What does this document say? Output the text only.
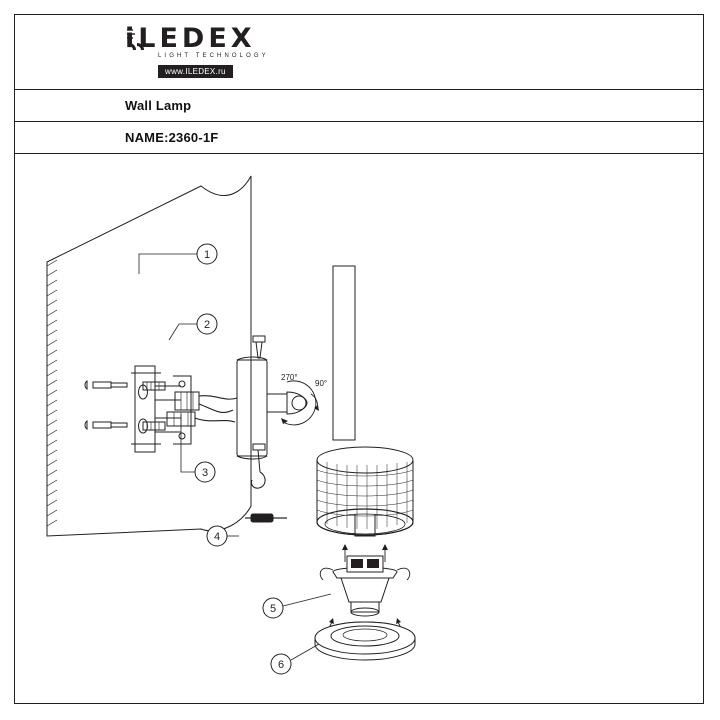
iLEDEX
LIGHT TECHNOLOGY
www.ILEDEX.ru
Wall Lamp
NAME:2360-1F
1
2
3
4
5
6
270°
90°
